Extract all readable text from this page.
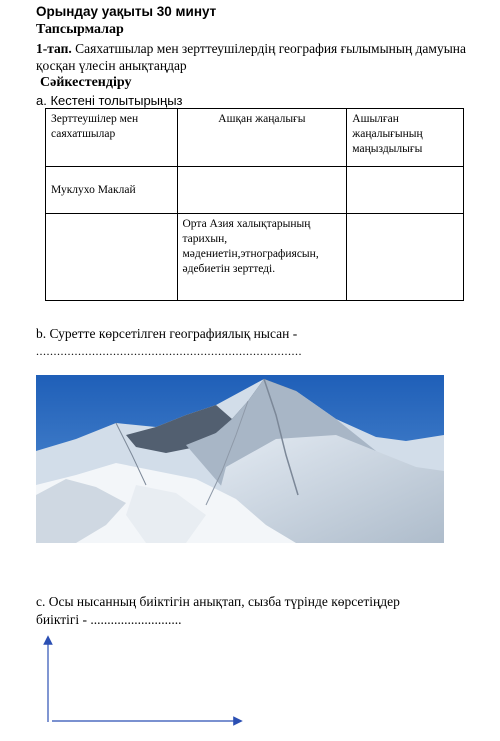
Орындау уақыты 30 минут
Тапсырмалар
1-тап. Саяхатшылар мен зерттеушілердің география ғылымының дамуына қосқан үлесін анықтаңдар
Сәйкестендіру
a. Кестені толытырыңыз
Зерттеушілер мен саяхатшылар	Ашқан жаңалығы	Ашылған жаңалығының маңыздылығы
Муклухо Маклай		
	Орта Азия халықтарының тарихын, мәдениетін,этнографиясын, әдебиетін зерттеді.	
b. Суретте көрсетілген географиялық нысан -
............................................................................
c. Осы нысанның биіктігін анықтап, сызба түрінде көрсетіңдер
биіктігі - ...........................
